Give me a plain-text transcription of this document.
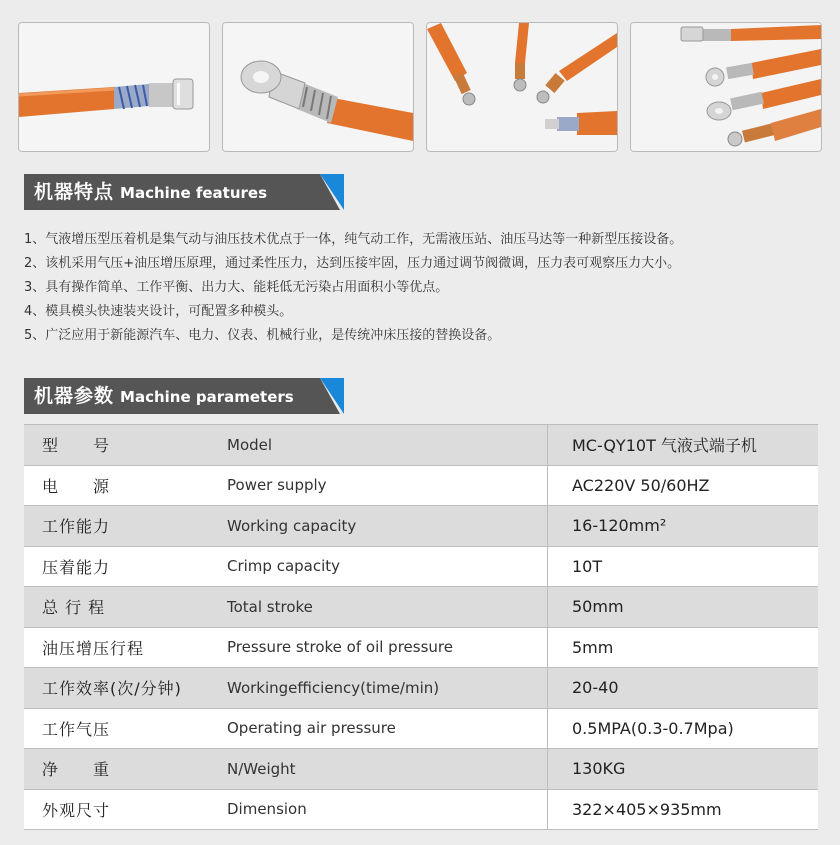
机器特点 Machine features
1、气液增压型压着机是集气动与油压技术优点于一体，纯气动工作，无需液压站、油压马达等一种新型压接设备。
2、该机采用气压+油压增压原理，通过柔性压力，达到压接牢固，压力通过调节阀微调，压力表可观察压力大小。
3、具有操作简单、工作平衡、出力大、能耗低无污染占用面积小等优点。
4、模具模头快速装夹设计，可配置多种模头。
5、广泛应用于新能源汽车、电力、仪表、机械行业，是传统冲床压接的替换设备。
机器参数 Machine parameters
型　　号	Model	MC-QY10T 气液式端子机
电　　源	Power supply	AC220V 50/60HZ
工作能力	Working capacity	16-120mm²
压着能力	Crimp capacity	10T
总 行 程	Total stroke	50mm
油压增压行程	Pressure stroke of oil pressure	5mm
工作效率(次/分钟)	Workingefficiency(time/min)	20-40
工作气压	Operating air pressure	0.5MPA(0.3-0.7Mpa)
净　　重	N/Weight	130KG
外观尺寸	Dimension	322×405×935mm
